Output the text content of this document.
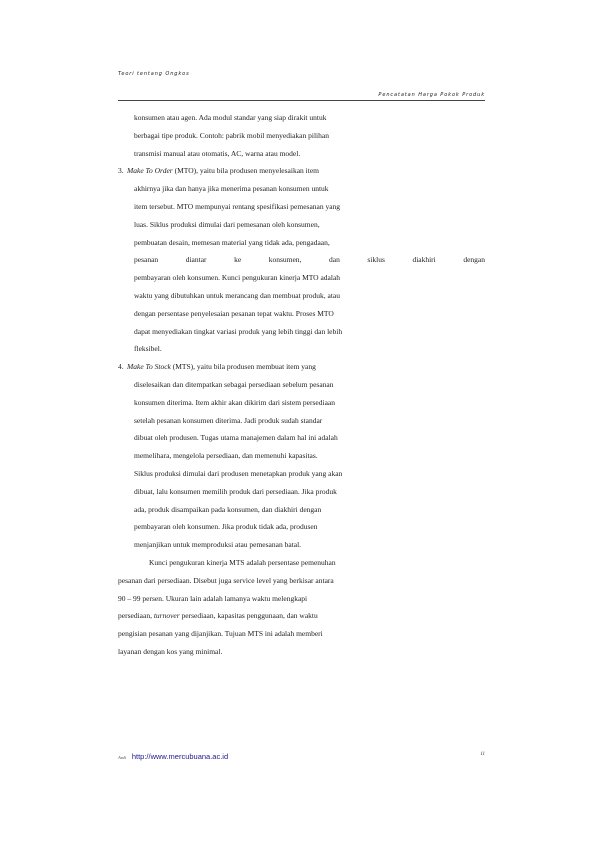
Teori tentang Ongkos
Pencatatan Harga Pokok Produk
konsumen atau agen. Ada modul standar yang siap dirakit untuk
berbagai tipe produk. Contoh: pabrik mobil menyediakan pilihan
transmisi manual atau otomatis, AC, warna atau model.
3. Make To Order (MTO), yaitu bila produsen menyelesaikan item
akhirnya jika dan hanya jika menerima pesanan konsumen untuk
item tersebut. MTO mempunyai rentang spesifikasi pemesanan yang
luas. Siklus produksi dimulai dari pemesanan oleh konsumen,
pembuatan desain, memesan material yang tidak ada, pengadaan,
pesanan	diantar	ke	konsumen,	dan	siklus	diakhiri	dengan
pembayaran oleh konsumen. Kunci pengukuran kinerja MTO adalah
waktu yang dibutuhkan untuk merancang dan membuat produk, atau
dengan persentase penyelesaian pesanan tepat waktu. Proses MTO
dapat menyediakan tingkat variasi produk yang lebih tinggi dan lebih
fleksibel.
4. Make To Stock (MTS), yaitu bila produsen membuat item yang
diselesaikan dan ditempatkan sebagai persediaan sebelum pesanan
konsumen diterima. Item akhir akan dikirim dari sistem persediaan
setelah pesanan konsumen diterima. Jadi produk sudah standar
dibuat oleh produsen. Tugas utama manajemen dalam hal ini adalah
memelihara, mengelola persediaan, dan memenuhi kapasitas.
Siklus produksi dimulai dari produsen menetapkan produk yang akan
dibuat, lalu konsumen memilih produk dari persediaan. Jika produk
ada, produk disampaikan pada konsumen, dan diakhiri dengan
pembayaran oleh konsumen. Jika produk tidak ada, produsen
menjanjikan untuk memproduksi atau pemesanan batal.
Kunci pengukuran kinerja MTS adalah persentase pemenuhan
pesanan dari persediaan. Disebut juga service level yang berkisar antara
90 – 99 persen. Ukuran lain adalah lamanya waktu melengkapi
persediaan, turnover persediaan, kapasitas penggunaan, dan waktu
pengisian pesanan yang dijanjikan. Tujuan MTS ini adalah memberi
layanan dengan kos yang minimal.
Ardi http://www.mercubuana.ac.id	11
